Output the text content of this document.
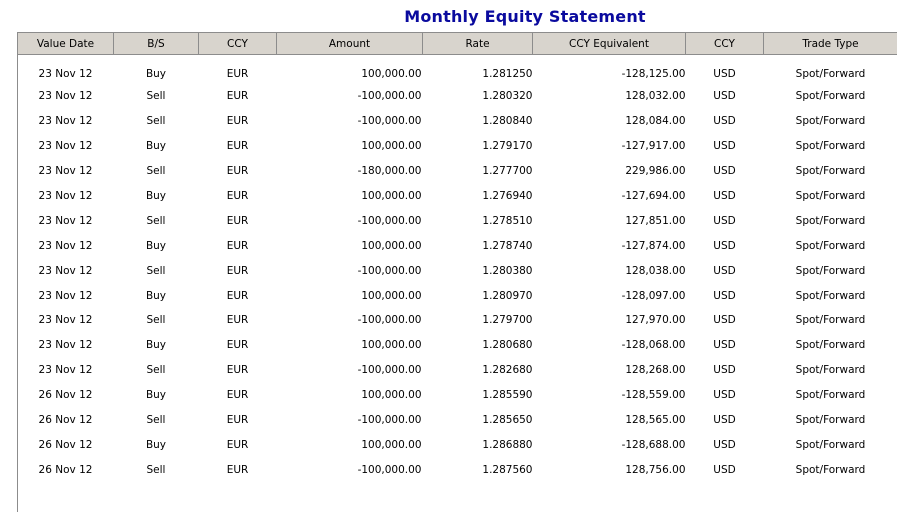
Monthly Equity Statement
Value Date	B/S	CCY	Amount	Rate	CCY Equivalent	CCY	Trade Type
23 Nov 12	Buy	EUR	100,000.00	1.281250	-128,125.00	USD	Spot/Forward
23 Nov 12	Sell	EUR	-100,000.00	1.280320	128,032.00	USD	Spot/Forward
23 Nov 12	Sell	EUR	-100,000.00	1.280840	128,084.00	USD	Spot/Forward
23 Nov 12	Buy	EUR	100,000.00	1.279170	-127,917.00	USD	Spot/Forward
23 Nov 12	Sell	EUR	-180,000.00	1.277700	229,986.00	USD	Spot/Forward
23 Nov 12	Buy	EUR	100,000.00	1.276940	-127,694.00	USD	Spot/Forward
23 Nov 12	Sell	EUR	-100,000.00	1.278510	127,851.00	USD	Spot/Forward
23 Nov 12	Buy	EUR	100,000.00	1.278740	-127,874.00	USD	Spot/Forward
23 Nov 12	Sell	EUR	-100,000.00	1.280380	128,038.00	USD	Spot/Forward
23 Nov 12	Buy	EUR	100,000.00	1.280970	-128,097.00	USD	Spot/Forward
23 Nov 12	Sell	EUR	-100,000.00	1.279700	127,970.00	USD	Spot/Forward
23 Nov 12	Buy	EUR	100,000.00	1.280680	-128,068.00	USD	Spot/Forward
23 Nov 12	Sell	EUR	-100,000.00	1.282680	128,268.00	USD	Spot/Forward
26 Nov 12	Buy	EUR	100,000.00	1.285590	-128,559.00	USD	Spot/Forward
26 Nov 12	Sell	EUR	-100,000.00	1.285650	128,565.00	USD	Spot/Forward
26 Nov 12	Buy	EUR	100,000.00	1.286880	-128,688.00	USD	Spot/Forward
26 Nov 12	Sell	EUR	-100,000.00	1.287560	128,756.00	USD	Spot/Forward
